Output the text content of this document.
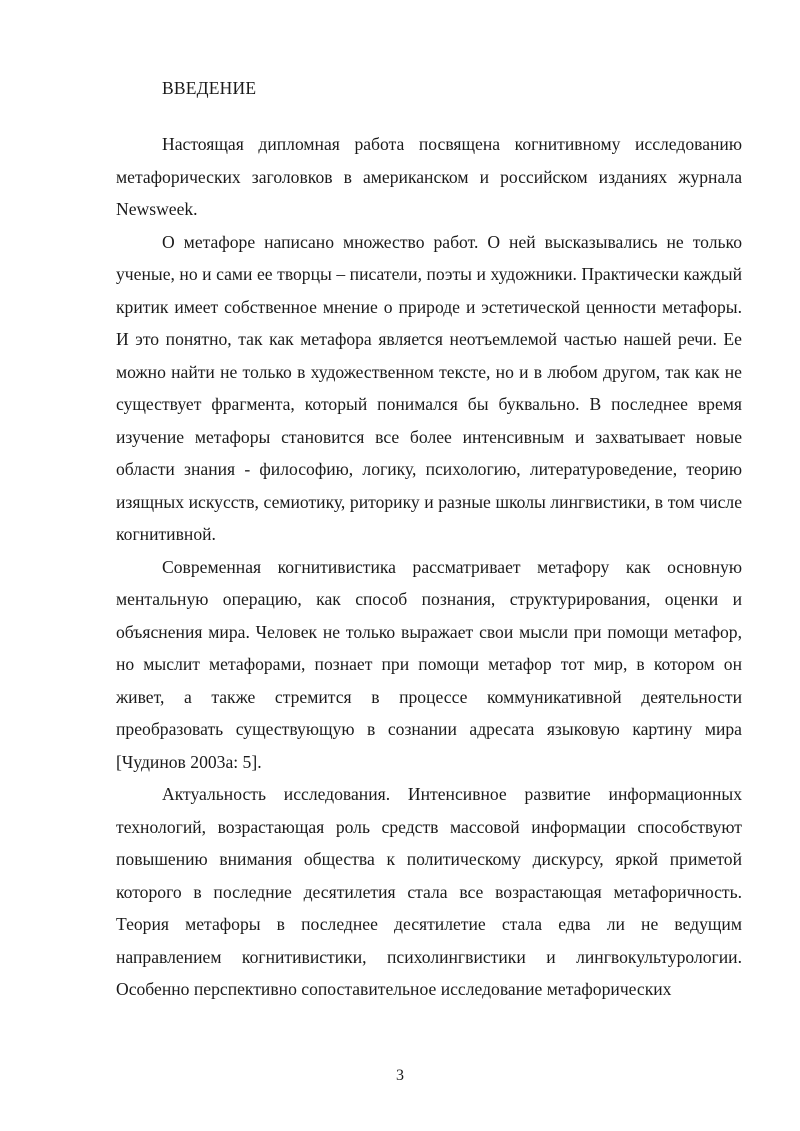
ВВЕДЕНИЕ

Настоящая дипломная работа посвящена когнитивному исследованию метафорических заголовков в американском и российском изданиях журнала Newsweek.

О метафоре написано множество работ. О ней высказывались не только ученые, но и сами ее творцы – писатели, поэты и художники. Практически каждый критик имеет собственное мнение о природе и эстетической ценности метафоры. И это понятно, так как метафора является неотъемлемой частью нашей речи. Ее можно найти не только в художественном тексте, но и в любом другом, так как не существует фрагмента, который понимался бы буквально. В последнее время изучение метафоры становится все более интенсивным и захватывает новые области знания - философию, логику, психологию, литературоведение, теорию изящных искусств, семиотику, риторику и разные школы лингвистики, в том числе когнитивной.

Современная когнитивистика рассматривает метафору как основную ментальную операцию, как способ познания, структурирования, оценки и объяснения мира. Человек не только выражает свои мысли при помощи метафор, но мыслит метафорами, познает при помощи метафор тот мир, в котором он живет, а также стремится в процессе коммуникативной деятельности преобразовать существующую в сознании адресата языковую картину мира [Чудинов 2003а: 5].

Актуальность исследования. Интенсивное развитие информационных технологий, возрастающая роль средств массовой информации способствуют повышению внимания общества к политическому дискурсу, яркой приметой которого в последние десятилетия стала все возрастающая метафоричность. Теория метафоры в последнее десятилетие стала едва ли не ведущим направлением когнитивистики, психолингвистики и лингвокультурологии. Особенно перспективно сопоставительное исследование метафорических

3
